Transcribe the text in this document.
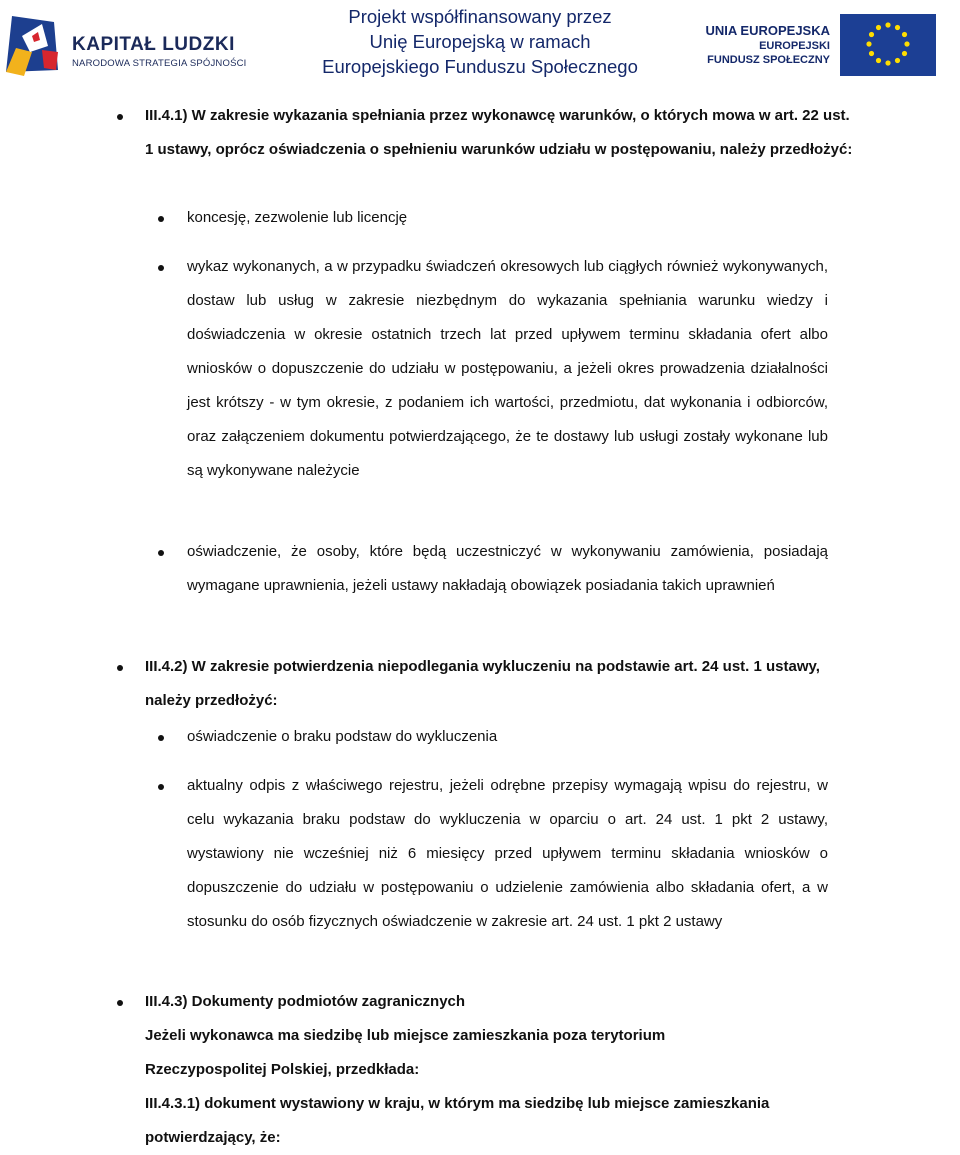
KAPITAŁ LUDZKI
NARODOWA STRATEGIA SPÓJNOŚCI
Projekt współfinansowany przez
Unię Europejską w ramach
Europejskiego Funduszu Społecznego
UNIA EUROPEJSKA
EUROPEJSKI
FUNDUSZ SPOŁECZNY
III.4.1) W zakresie wykazania spełniania przez wykonawcę warunków, o których mowa w art. 22 ust. 1 ustawy, oprócz oświadczenia o spełnieniu warunków udziału w postępowaniu, należy przedłożyć:
koncesję, zezwolenie lub licencję
wykaz wykonanych, a w przypadku świadczeń okresowych lub ciągłych również wykonywanych, dostaw lub usług w zakresie niezbędnym do wykazania spełniania warunku wiedzy i doświadczenia w okresie ostatnich trzech lat przed upływem terminu składania ofert albo wniosków o dopuszczenie do udziału w postępowaniu, a jeżeli okres prowadzenia działalności jest krótszy - w tym okresie, z podaniem ich wartości, przedmiotu, dat wykonania i odbiorców, oraz załączeniem dokumentu potwierdzającego, że te dostawy lub usługi zostały wykonane lub są wykonywane należycie
oświadczenie, że osoby, które będą uczestniczyć w wykonywaniu zamówienia, posiadają wymagane uprawnienia, jeżeli ustawy nakładają obowiązek posiadania takich uprawnień
III.4.2) W zakresie potwierdzenia niepodlegania wykluczeniu na podstawie art. 24 ust. 1 ustawy, należy przedłożyć:
oświadczenie o braku podstaw do wykluczenia
aktualny odpis z właściwego rejestru, jeżeli odrębne przepisy wymagają wpisu do rejestru, w celu wykazania braku podstaw do wykluczenia w oparciu o art. 24 ust. 1 pkt 2 ustawy, wystawiony nie wcześniej niż 6 miesięcy przed upływem terminu składania wniosków o dopuszczenie do udziału w postępowaniu o udzielenie zamówienia albo składania ofert, a w stosunku do osób fizycznych oświadczenie w zakresie art. 24 ust. 1 pkt 2 ustawy
III.4.3) Dokumenty podmiotów zagranicznych
Jeżeli wykonawca ma siedzibę lub miejsce zamieszkania poza terytorium Rzeczypospolitej Polskiej, przedkłada:
III.4.3.1) dokument wystawiony w kraju, w którym ma siedzibę lub miejsce zamieszkania potwierdzający, że:
